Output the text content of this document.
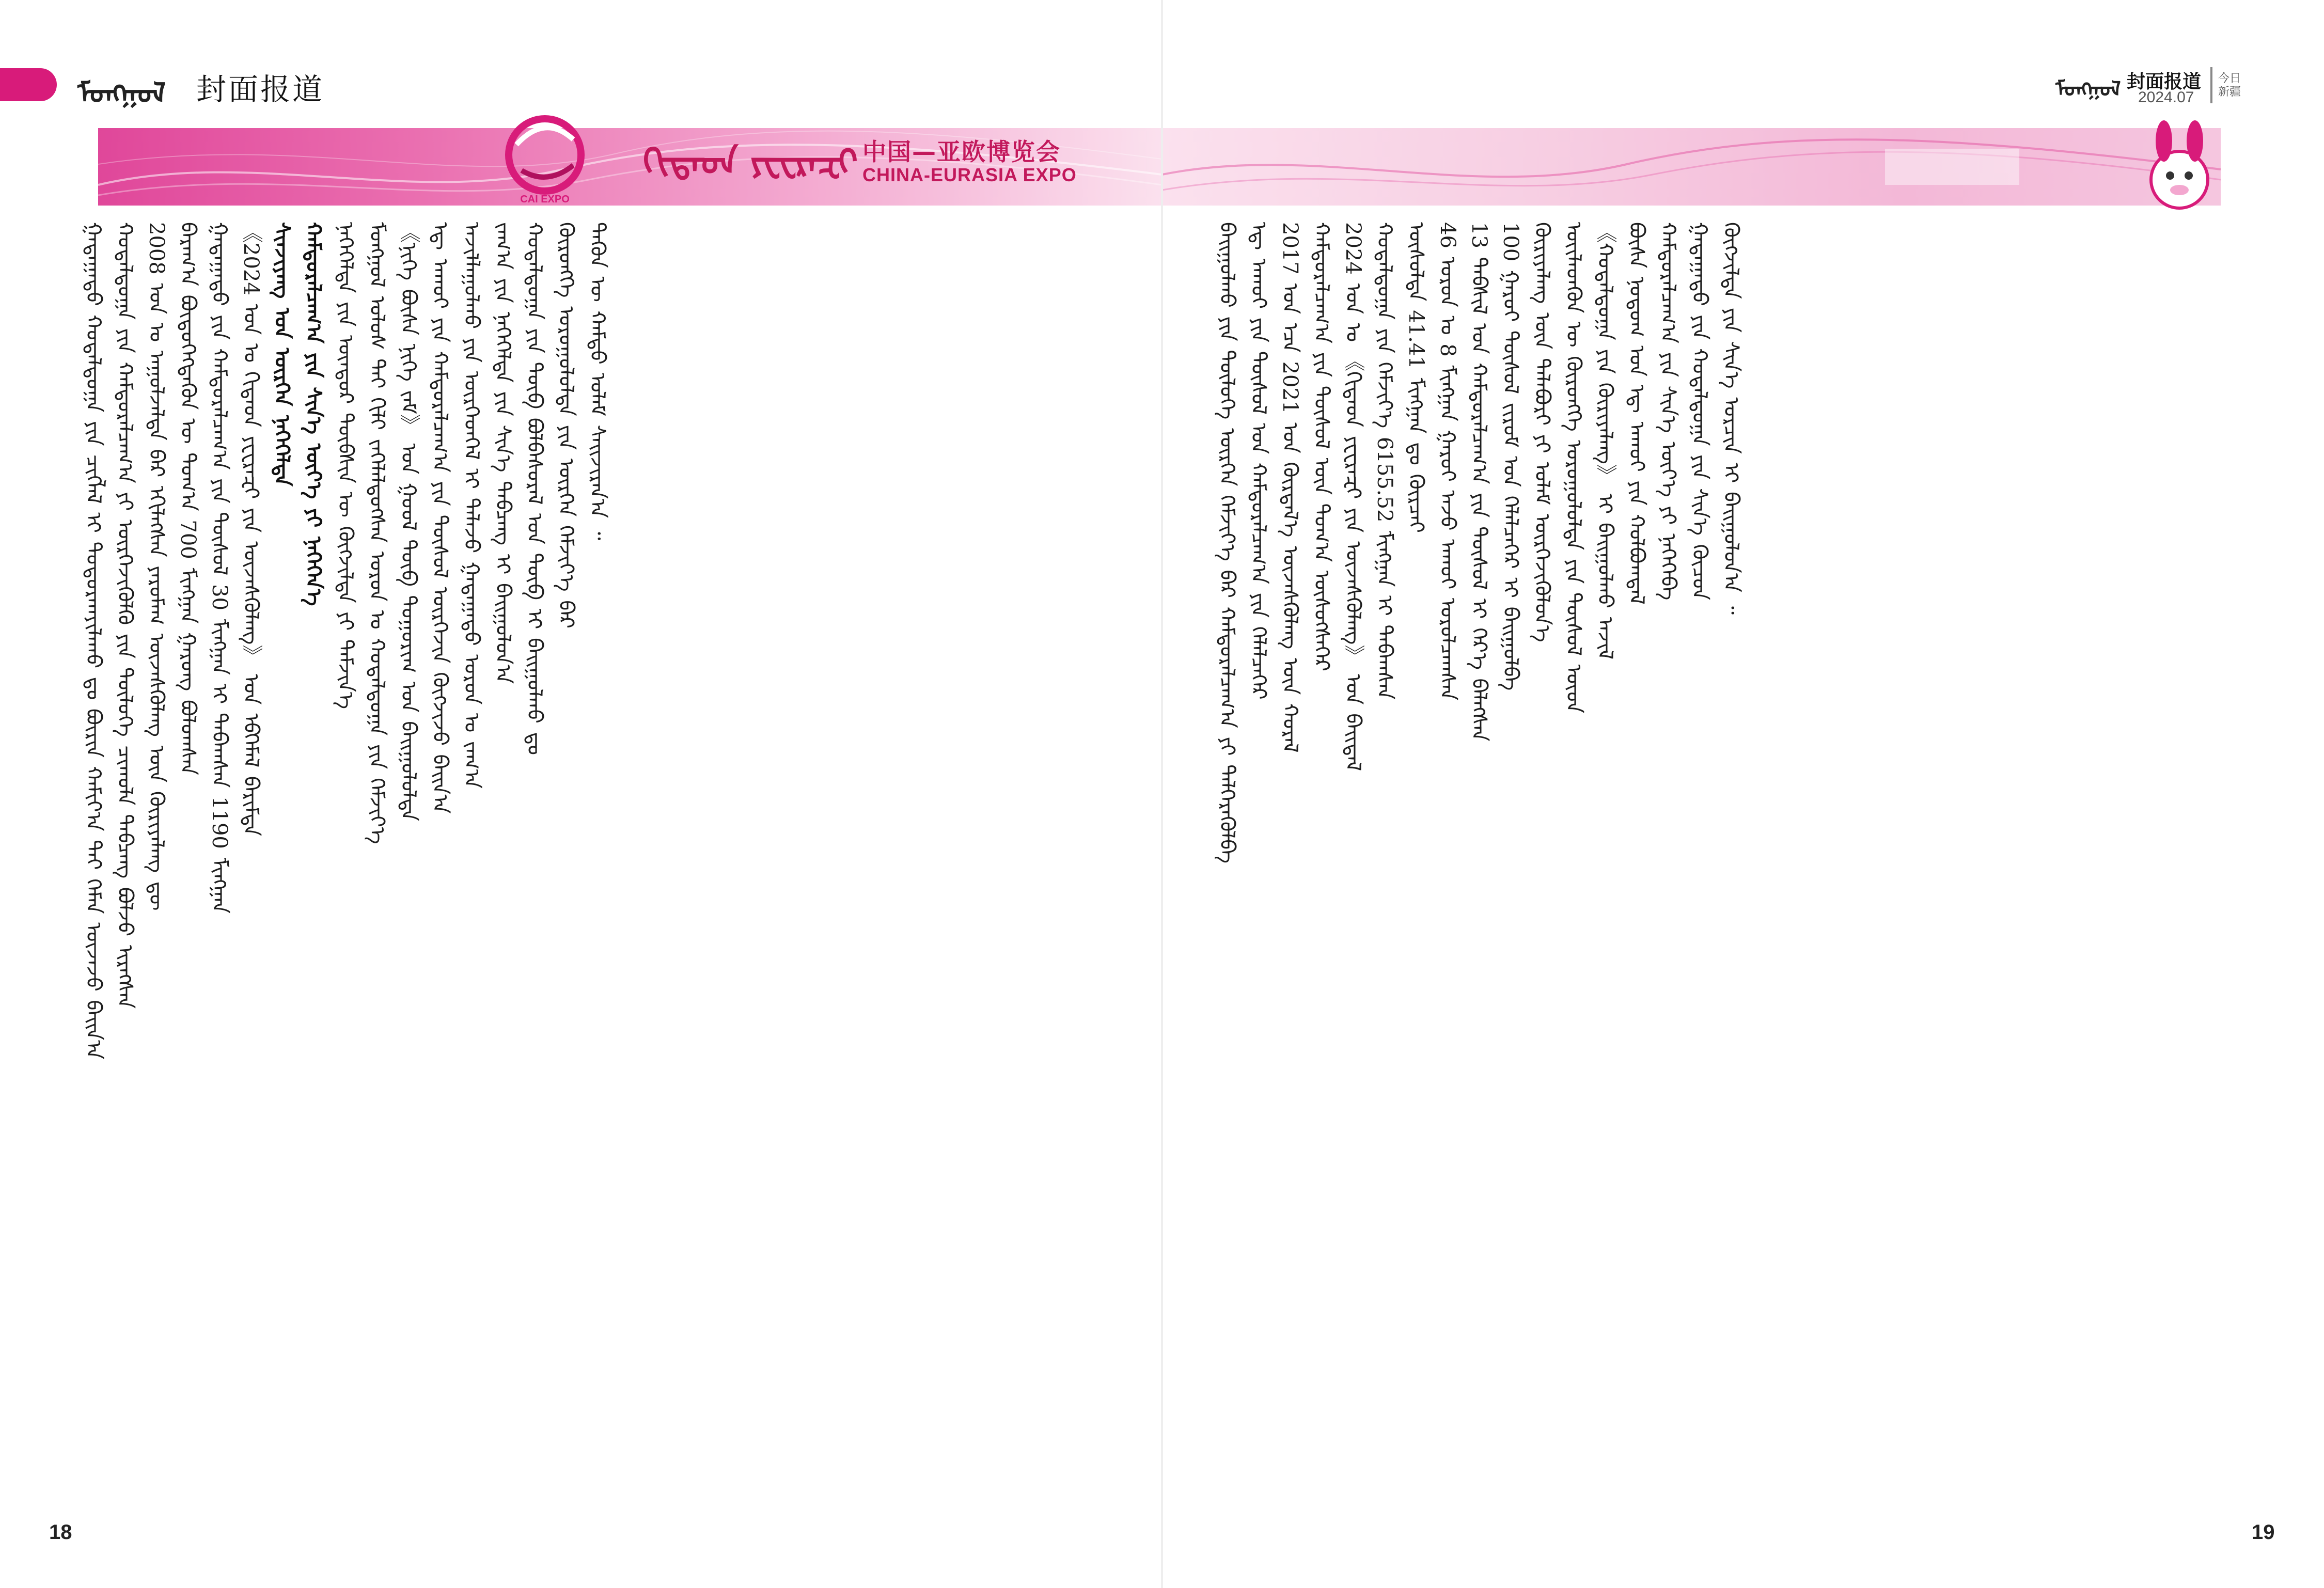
ᠮᠣᠩᠭᠣᠯ 封面报道
ᠭᠠᠳᠠᠭᠠᠳᠤ ᠬᠤᠳᠠᠯᠳᠤᠭᠠ ᠶᠢᠨ ᠴᠢᠭᠯᠡᠯ ᠢ ᠲᠣᠳᠣᠷᠬᠠᠶᠢᠯᠠᠬᠤ ᠳᠤ ᠪᠦᠷᠢᠨ ᠬᠠᠮᠢᠶ᠎ᠠ ᠲᠠᠢ ᠬᠡᠮᠡᠨ ᠦᠵᠡᠵᠦ ᠪᠠᠢᠨ᠎ᠠ ᠬᠤᠳᠠᠯᠳᠤᠭᠠ ᠶᠢᠨ ᠬᠠᠮᠲᠤᠷᠠᠯᠴᠠᠭ᠎ᠠ ᠶᠢ ᠥᠷᠭᠡᠵᠢᠭᠦᠯᠬᠦ ᠶᠢᠨ ᠲᠥᠯᠥᠭᠡ ᠴᠢᠬᠤᠯᠠ ᠲᠠᠪᠴᠠᠩ ᠪᠣᠯᠵᠤ ᠢᠷᠡᠭᠰᠡᠨ 2008 ᠣᠨ ᠤ ᠠᠭᠤᠯᠵᠠᠯᠲᠠ ᠪᠠᠷ ᠡᠬᠢᠯᠡᠭᠰᠡᠨ ᠶᠠᠷᠤᠮᠠᠭ ᠦᠵᠡᠰᠬᠦᠯᠡᠩ ᠦᠨ ᠬᠦᠷᠢᠶᠡᠯᠡᠩ ᠳᠦ ᠪᠠᠷᠠᠭ᠎ᠠ ᠪᠦᠲᠦᠭᠡᠭᠳᠡᠬᠦᠨ ᠦ ᠲᠣᠭ᠎ᠠ 700 ᠮᠢᠩᠭᠠᠨ ᠭᠠᠷᠤᠩ ᠪᠣᠯᠤᠭᠰᠠᠨ ᠭᠠᠳᠠᠭᠠᠳᠤ ᠶᠢᠨ ᠬᠠᠮᠲᠤᠷᠠᠯᠴᠠᠭ᠎ᠠ ᠶᠢᠨ ᠲᠥᠰᠥᠯ 30 ᠮᠢᠩᠭᠠᠨ ᠢ ᠳᠠᠪᠠᠭᠰᠠᠨ 1190 ᠮᠢᠩᠭᠠᠨ 《2024 ᠣᠨ ᠤ ᠬᠢᠲᠠᠳ ᠶᠧᠸᠷᠠᠽᠢ ᠶᠢᠨ ᠦᠵᠡᠰᠬᠦᠯᠡᠩ》 ᠤᠨ ᠡᠪᠬᠡᠮᠡᠯ ᠪᠠᠷᠢᠮᠲᠠ ᠰᠢᠨᠵᠢᠶᠠᠩ ᠤᠨ ᠥᠷᠭᠡᠨ ᠨᠡᠭᠡᠭᠡᠯᠲᠡ ᠬᠠᠮᠲᠤᠷᠠᠯᠴᠠᠭ᠎ᠠ ᠶᠢᠨ ᠰᠢᠨ᠎ᠡ ᠦᠶ᠎ᠡ ᠶᠢ ᠨᠡᠭᠡᠭᠡᠨ᠎ᠡ ᠨᠡᠭᠡᠭᠡᠯᠲᠡ ᠶᠢᠨ ᠥᠨᠳᠥᠷ ᠲᠦᠪᠰᠢᠨ ᠦ ᠬᠥᠭᠵᠢᠯᠲᠡ ᠶᠢ ᠳᠡᠮᠵᠢᠨ᠎ᠡ ᠮᠣᠩᠭᠣᠯ ᠤᠯᠤᠰ ᠲᠠᠢ ᠬᠢᠯᠢ ᠵᠡᠬᠡᠯᠡᠯᠳᠦᠭᠰᠡᠨ ᠣᠷᠤᠨ ᠤ ᠬᠤᠳᠠᠯᠳᠤᠭᠠ ᠶᠢᠨ ᠬᠡᠮᠵᠢᠶ᠎ᠡ 《ᠨᠢᠭᠡ ᠪᠦᠰᠡ ᠨᠢᠭᠡ ᠵᠠᠮ》 ᠤᠨ ᠭᠣᠣᠯ ᠲᠥᠪ ᠲᠣᠭᠣᠷᠢᠭ ᠤᠨ ᠪᠠᠢᠭᠤᠯᠤᠯᠲᠠ ᠡᠳ᠋ ᠠᠬᠤᠢ ᠶᠢᠨ ᠬᠠᠮᠲᠤᠷᠠᠯᠴᠠᠭ᠎ᠠ ᠶᠢᠨ ᠲᠥᠰᠥᠯ ᠥᠷᠭᠡᠵᠢᠨ ᠬᠥᠭᠵᠢᠵᠦ ᠪᠠᠢᠨ᠎ᠠ ᠠᠵᠢᠯᠯᠠᠭᠤᠯᠬᠤ ᠶᠢᠨ ᠥᠷᠭᠡᠳᠬᠡᠯ ᠢ ᠲᠡᠯᠡᠵᠦ ᠭᠠᠳᠠᠭᠠᠳᠤ ᠣᠷᠤᠨ ᠤ ᠵᠠᠬ᠎ᠠ ᠵᠠᠬ᠎ᠠ ᠶᠢᠨ ᠨᠡᠭᠡᠭᠡᠯᠲᠡ ᠶᠢᠨ ᠰᠢᠨ᠎ᠡ ᠲᠠᠪᠴᠠᠩ ᠢ ᠪᠠᠢᠭᠤᠯᠤᠨ᠎ᠠ ᠬᠤᠳᠠᠯᠳᠤᠭᠠ ᠶᠢᠨ ᠲᠥᠪ ᠪᠣᠯᠪᠠᠰᠤᠷᠠᠯ ᠤᠨ ᠲᠥᠪ ᠢ ᠪᠠᠢᠭᠤᠯᠬᠤ ᠳᠤ ᠬᠥᠷᠥᠩᠭᠡ ᠣᠷᠤᠭᠤᠯᠤᠯᠲᠠ ᠶᠢᠨ ᠥᠷᠭᠡᠨ ᠬᠡᠮᠵᠢᠶ᠎ᠡ ᠪᠠᠷ ᠲᠡᠭᠦᠨ ᠦ ᠬᠠᠮᠲᠤ ᠤᠯᠠᠮ ᠰᠠᠢᠵᠢᠷᠠᠨ᠎ᠠ ᠃
18
CAI EXPO
ᠬᠢᠲᠠᠳ ᠶᠧᠸᠷᠠᠽᠢ 中国—亚欧博览会
CHINA-EURASIA EXPO
ᠮᠣᠩᠭᠣᠯ 封面报道
2024.07
今日
新疆
ᠪᠠᠢᠭᠤᠯᠬᠤ ᠶᠢᠨ ᠲᠥᠯᠥᠭᠡ ᠥᠷᠭᠡᠨ ᠬᠡᠮᠵᠢᠶ᠎ᠡ ᠪᠠᠷ ᠬᠠᠮᠲᠤᠷᠠᠯᠴᠠᠭ᠎ᠠ ᠶᠢ ᠳᠡᠯᠭᠡᠷᠡᠭᠦᠯᠪᠡ ᠡᠳ᠋ ᠠᠬᠤᠢ ᠶᠢᠨ ᠲᠥᠰᠥᠯ ᠤᠨ ᠬᠠᠮᠲᠤᠷᠠᠯᠴᠠᠭ᠎ᠠ ᠶᠢᠨ ᠬᠡᠯᠡᠯᠴᠡᠭᠡᠷ 2017 ᠣᠨ ᠡᠴᠡ 2021 ᠣᠨ ᠬᠦᠷᠲᠡᠯ᠎ᠡ ᠦᠵᠡᠰᠬᠦᠯᠡᠩ ᠦᠨ ᠬᠤᠷᠠᠯ ᠬᠠᠮᠲᠤᠷᠠᠯᠴᠠᠭ᠎ᠠ ᠶᠢᠨ ᠲᠥᠰᠥᠯ ᠦᠨ ᠲᠣᠭ᠎ᠠ ᠥᠰᠦᠭᠰᠡᠭᠡᠷ 2024 ᠣᠨ ᠤ 《ᠬᠢᠲᠠᠳ ᠶᠧᠸᠷᠠᠽᠢ ᠶᠢᠨ ᠦᠵᠡᠰᠬᠦᠯᠡᠩ》 ᠤᠨ ᠪᠠᠢᠳᠠᠯ ᠬᠤᠳᠠᠯᠳᠤᠭᠠ ᠶᠢᠨ ᠬᠡᠮᠵᠢᠶ᠎ᠡ 6155.52 ᠮᠢᠩᠭᠠᠨ ᠢ ᠳᠠᠪᠠᠭᠰᠠᠨ ᠥᠰᠦᠯᠲᠡ 41.41 ᠮᠢᠩᠭᠠᠨ ᠳᠤ ᠬᠦᠷᠴᠡᠢ 46 ᠣᠷᠤᠨ ᠤ 8 ᠮᠢᠩᠭᠠᠨ ᠭᠠᠷᠤᠢ ᠠᠵᠤ ᠠᠬᠤᠢ ᠣᠷᠣᠯᠴᠠᠭᠰᠠᠨ 13 ᠳᠡᠪᠰᠢᠯ ᠤᠨ ᠬᠠᠮᠲᠤᠷᠠᠯᠴᠠᠭ᠎ᠠ ᠶᠢᠨ ᠲᠥᠰᠥᠯ ᠢ ᠭᠡᠷ᠎ᠡ ᠪᠡᠯᠡᠭᠰᠡᠨ 100 ᠭᠠᠷᠤᠢ ᠲᠥᠰᠥᠯ ᠵᠢᠷᠤᠮ ᠤᠨ ᠬᠡᠯᠡᠯᠴᠡᠭᠡᠷ ᠢ ᠪᠠᠢᠭᠤᠯᠪᠠ ᠬᠦᠷᠢᠶᠡᠯᠡᠩ ᠦᠨ ᠲᠡᠯᠡᠪᠦᠷᠢ ᠶᠢ ᠤᠯᠠᠮ ᠥᠷᠭᠡᠵᠢᠭᠦᠯᠦᠨ᠎ᠡ ᠦᠢᠯᠡᠳᠬᠦᠨ ᠦ ᠬᠥᠷᠥᠩᠭᠡ ᠣᠷᠤᠭᠤᠯᠤᠯᠲᠠ ᠶᠢᠨ ᠲᠥᠰᠥᠯ ᠦᠳ 《ᠬᠤᠳᠠᠯᠳᠤᠭᠠ ᠶᠢᠨ ᠬᠦᠷᠢᠶᠡᠯᠡᠩ》 ᠢ ᠪᠠᠢᠭᠤᠯᠬᠤ ᠠᠵᠢᠯ ᠪᠦᠰᠡ ᠨᠤᠲᠤᠭ ᠤᠨ ᠡᠳ᠋ ᠠᠬᠤᠢ ᠶᠢᠨ ᠬᠣᠯᠪᠣᠭᠳᠠᠯ ᠬᠠᠮᠲᠤᠷᠠᠯᠴᠠᠭ᠎ᠠ ᠶᠢᠨ ᠰᠢᠨ᠎ᠡ ᠦᠶ᠎ᠡ ᠶᠢ ᠨᠡᠭᠡᠭᠡᠪᠡ ᠭᠠᠳᠠᠭᠠᠳᠤ ᠶᠢᠨ ᠬᠤᠳᠠᠯᠳᠤᠭᠠ ᠶᠢᠨ ᠰᠢᠨ᠎ᠡ ᠬᠦᠴᠦᠨ ᠬᠥᠭᠵᠢᠯᠲᠡ ᠶᠢᠨ ᠰᠢᠨ᠎ᠡ ᠣᠷᠴᠢᠨ ᠢ ᠪᠠᠢᠭᠤᠯᠤᠨ᠎ᠠ ᠃
19
